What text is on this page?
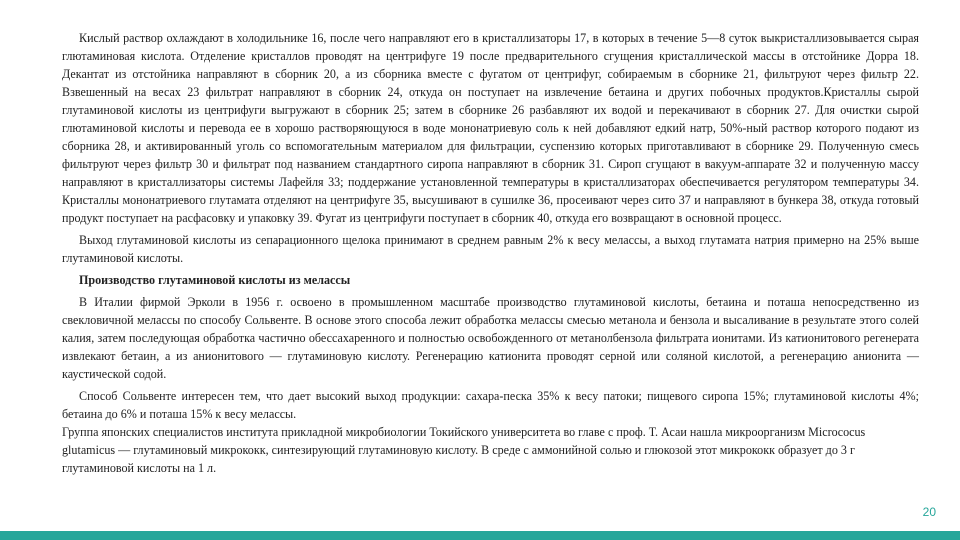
Кислый раствор охлаждают в холодильнике 16, после чего направляют его в кристаллизаторы 17, в которых в течение 5—8 суток выкристаллизовывается сырая глютаминовая кислота. Отделение кристаллов проводят на центрифуге 19 после предварительного сгущения кристаллической массы в отстойнике Дорра 18. Декантат из отстойника направляют в сборник 20, а из сборника вместе с фугатом от центрифуг, собираемым в сборнике 21, фильтруют через фильтр 22. Взвешенный на весах 23 фильтрат направляют в сборник 24, откуда он поступает на извлечение бетаина и других побочных продуктов.Кристаллы сырой глутаминовой кислоты из центрифуги выгружают в сборник 25; затем в сборнике 26 разбавляют их водой и перекачивают в сборник 27. Для очистки сырой глютаминовой кислоты и перевода ее в хорошо растворяющуюся в воде мононатриевую соль к ней добавляют едкий натр, 50%-ный раствор которого подают из сборника 28, и активированный уголь со вспомогательным материалом для фильтрации, суспензию которых приготавливают в сборнике 29. Полученную смесь фильтруют через фильтр 30 и фильтрат под названием стандартного сиропа направляют в сборник 31. Сироп сгущают в вакуум-аппарате 32 и полученную массу направляют в кристаллизаторы системы Лафейля 33; поддержание установленной температуры в кристаллизаторах обеспечивается регулятором температуры 34. Кристаллы мононатриевого глутамата отделяют на центрифуге 35, высушивают в сушилке 36, просеивают через сито 37 и направляют в бункера 38, откуда готовый продукт поступает на расфасовку и упаковку 39. Фугат из центрифуги поступает в сборник 40, откуда его возвращают в основной процесс.

Выход глутаминовой кислоты из сепарационного щелока принимают в среднем равным 2% к весу мелассы, а выход глутамата натрия примерно на 25% выше глутаминовой кислоты.

Производство глутаминовой кислоты из мелассы

В Италии фирмой Эрколи в 1956 г. освоено в промышленном масштабе производство глутаминовой кислоты, бетаина и поташа непосредственно из свекловичной мелассы по способу Сольвенте. В основе этого способа лежит обработка мелассы смесью метанола и бензола и высаливание в результате этого солей калия, затем последующая обработка частично обессахаренного и полностью освобожденного от метанолбензола фильтрата ионитами. Из катионитового регенерата извлекают бетаин, а из анионитового — глутаминовую кислоту. Регенерацию катионита проводят серной или соляной кислотой, а регенерацию анионита — каустической содой.

Способ Сольвенте интересен тем, что дает высокий выход продукции: сахара-песка 35% к весу патоки; пищевого сиропа 15%; глутаминовой кислоты 4%; бетаина до 6% и поташа 15% к весу мелассы.

Группа японских специалистов института прикладной микробиологии Токийского университета во главе с проф. Т. Асаи нашла микроорганизм Micrococus glutamicus — глутаминовый микрококк, синтезирующий глутаминовую кислоту. В среде с аммонийной солью и глюкозой этот микрококк образует до 3 г глутаминовой кислоты на 1 л.

20
